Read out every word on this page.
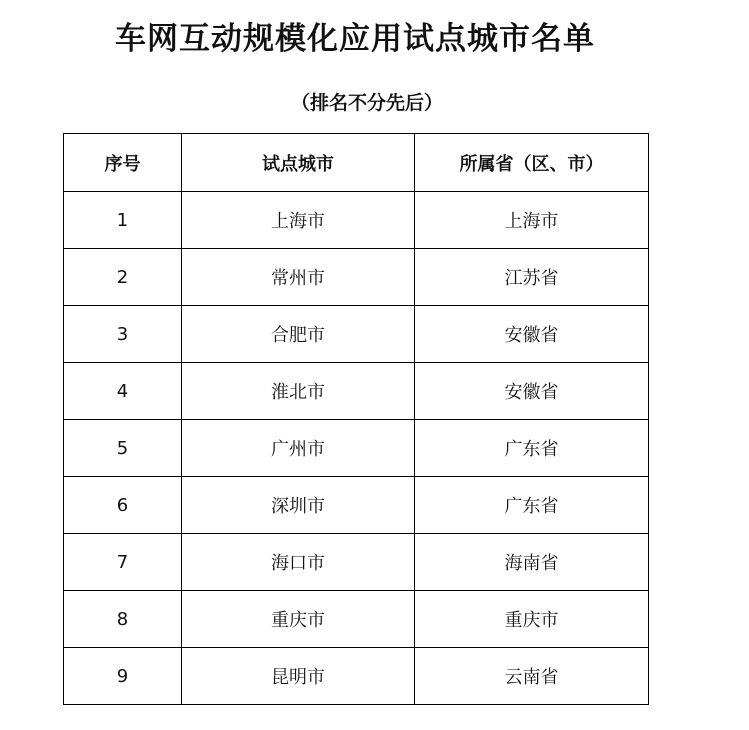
车网互动规模化应用试点城市名单
（排名不分先后）
序号	试点城市	所属省（区、市）
1	上海市	上海市
2	常州市	江苏省
3	合肥市	安徽省
4	淮北市	安徽省
5	广州市	广东省
6	深圳市	广东省
7	海口市	海南省
8	重庆市	重庆市
9	昆明市	云南省
